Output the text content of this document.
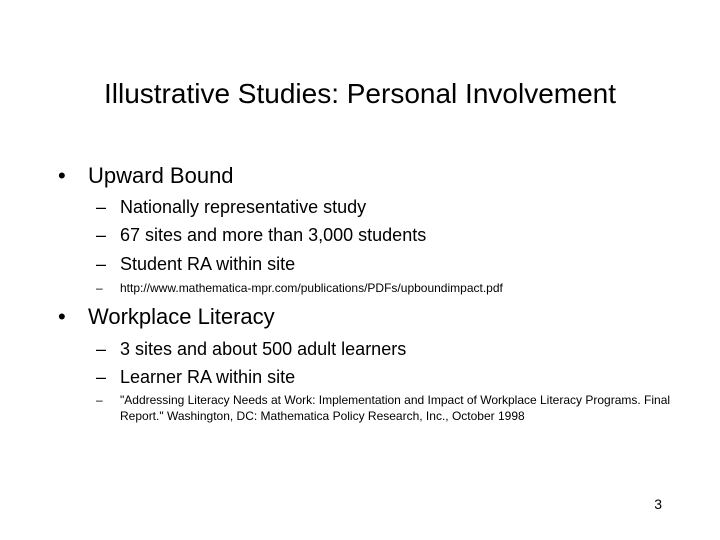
Illustrative Studies: Personal Involvement
• Upward Bound
– Nationally representative study
– 67 sites and more than 3,000 students
– Student RA within site
– http://www.mathematica-mpr.com/publications/PDFs/upboundimpact.pdf
• Workplace Literacy
– 3 sites and about 500 adult learners
– Learner RA within site
– "Addressing Literacy Needs at Work: Implementation and Impact of Workplace Literacy Programs. Final Report." Washington, DC: Mathematica Policy Research, Inc., October 1998
3
